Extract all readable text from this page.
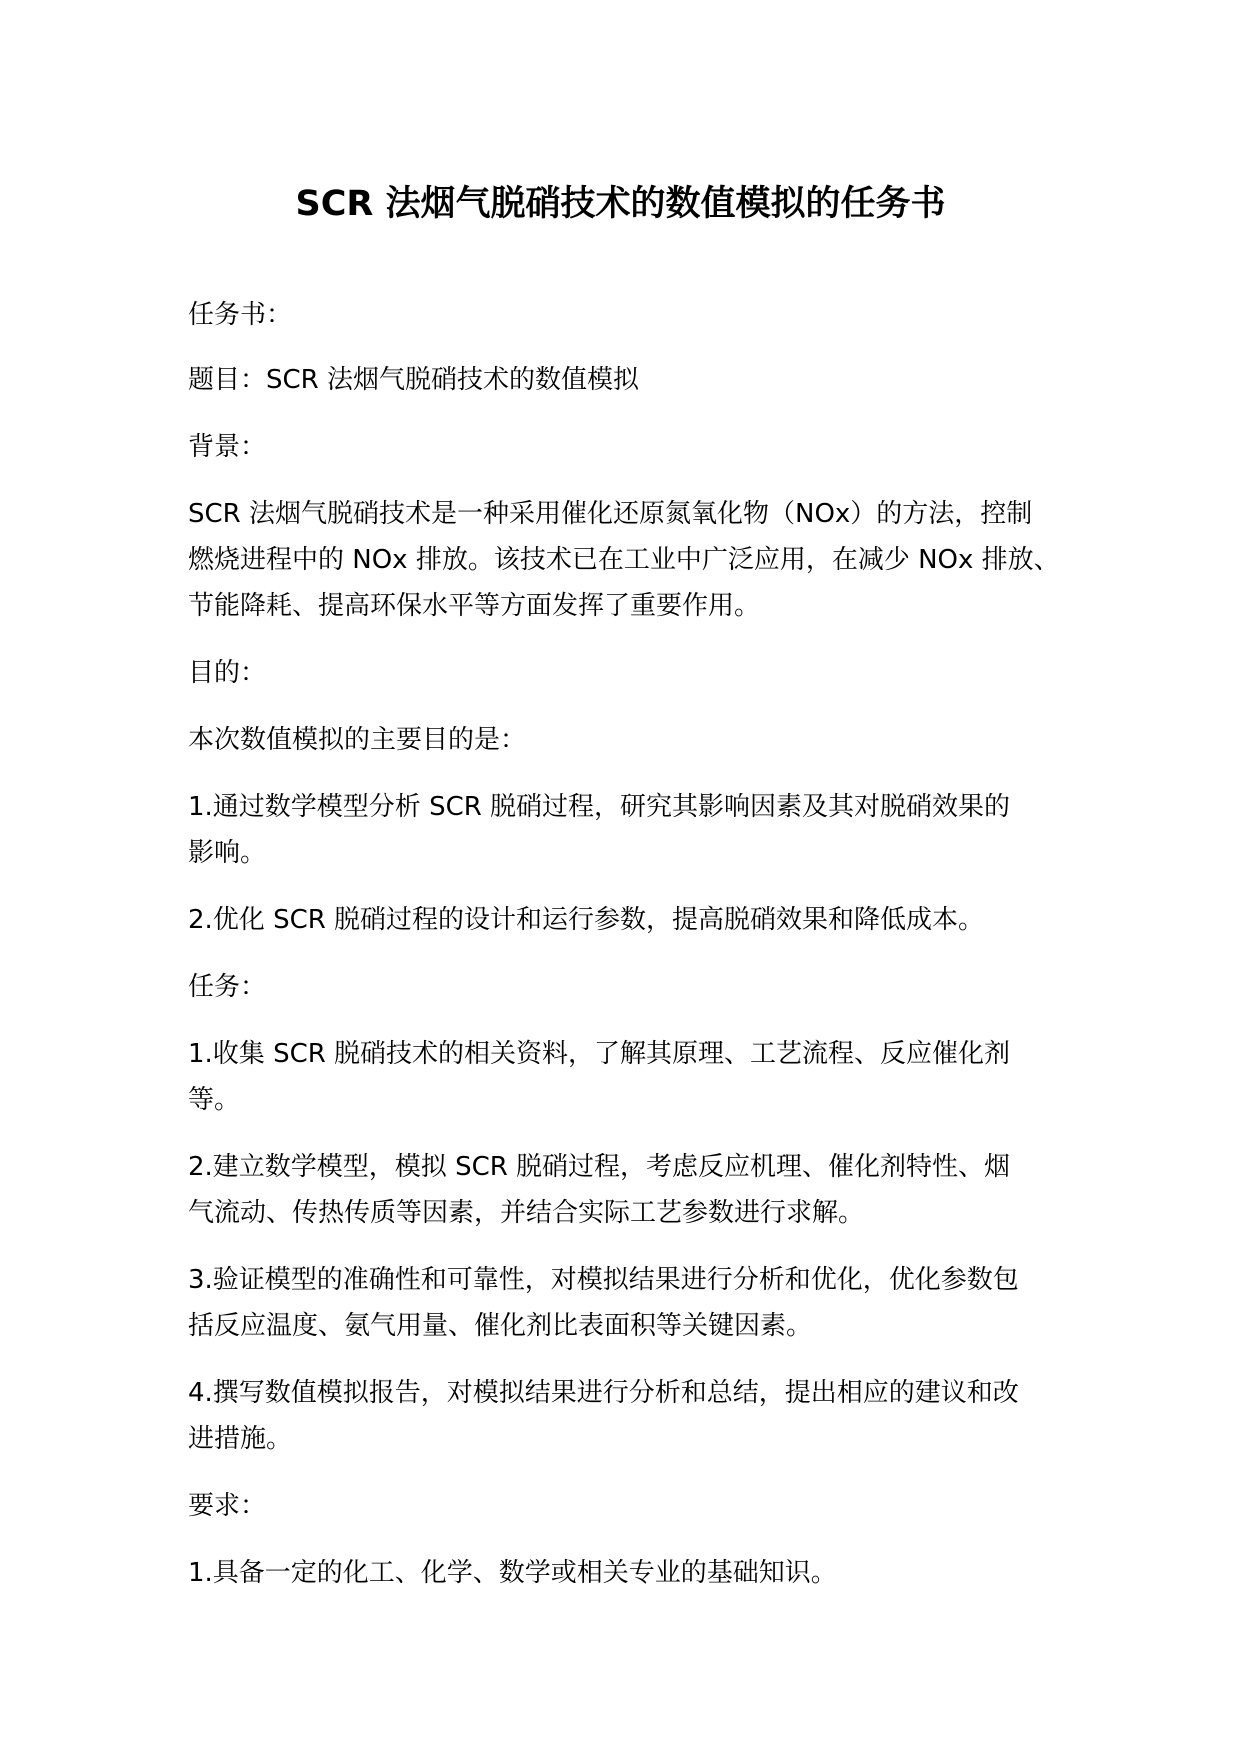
SCR 法烟气脱硝技术的数值模拟的任务书

任务书：

题目：SCR 法烟气脱硝技术的数值模拟

背景：

SCR 法烟气脱硝技术是一种采用催化还原氮氧化物（NOx）的方法，控制

燃烧进程中的 NOx 排放。该技术已在工业中广泛应用，在减少 NOx 排放、

节能降耗、提高环保水平等方面发挥了重要作用。

目的：

本次数值模拟的主要目的是：

1.通过数学模型分析 SCR 脱硝过程，研究其影响因素及其对脱硝效果的

影响。

2.优化 SCR 脱硝过程的设计和运行参数，提高脱硝效果和降低成本。

任务：

1.收集 SCR 脱硝技术的相关资料，了解其原理、工艺流程、反应催化剂

等。

2.建立数学模型，模拟 SCR 脱硝过程，考虑反应机理、催化剂特性、烟

气流动、传热传质等因素，并结合实际工艺参数进行求解。

3.验证模型的准确性和可靠性，对模拟结果进行分析和优化，优化参数包

括反应温度、氨气用量、催化剂比表面积等关键因素。

4.撰写数值模拟报告，对模拟结果进行分析和总结，提出相应的建议和改

进措施。

要求：

1.具备一定的化工、化学、数学或相关专业的基础知识。
